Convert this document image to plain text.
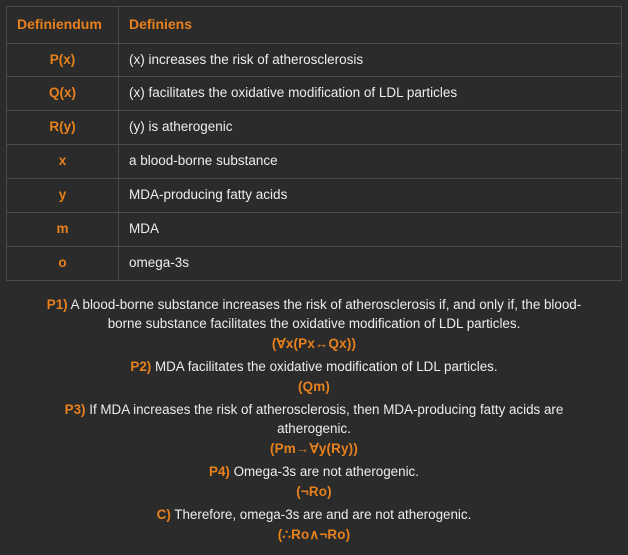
Definiendum	Definiens
P(x)	(x) increases the risk of atherosclerosis
Q(x)	(x) facilitates the oxidative modification of LDL particles
R(y)	(y) is atherogenic
x	a blood-borne substance
y	MDA-producing fatty acids
m	MDA
o	omega-3s

P1) A blood-borne substance increases the risk of atherosclerosis if, and only if, the blood-borne substance facilitates the oxidative modification of LDL particles.

(∀x(Px↔Qx))

P2) MDA facilitates the oxidative modification of LDL particles.

(Qm)

P3) If MDA increases the risk of atherosclerosis, then MDA-producing fatty acids are atherogenic.

(Pm→∀y(Ry))

P4) Omega-3s are not atherogenic.

(¬Ro)

C) Therefore, omega-3s are and are not atherogenic.

(∴Ro∧¬Ro)
